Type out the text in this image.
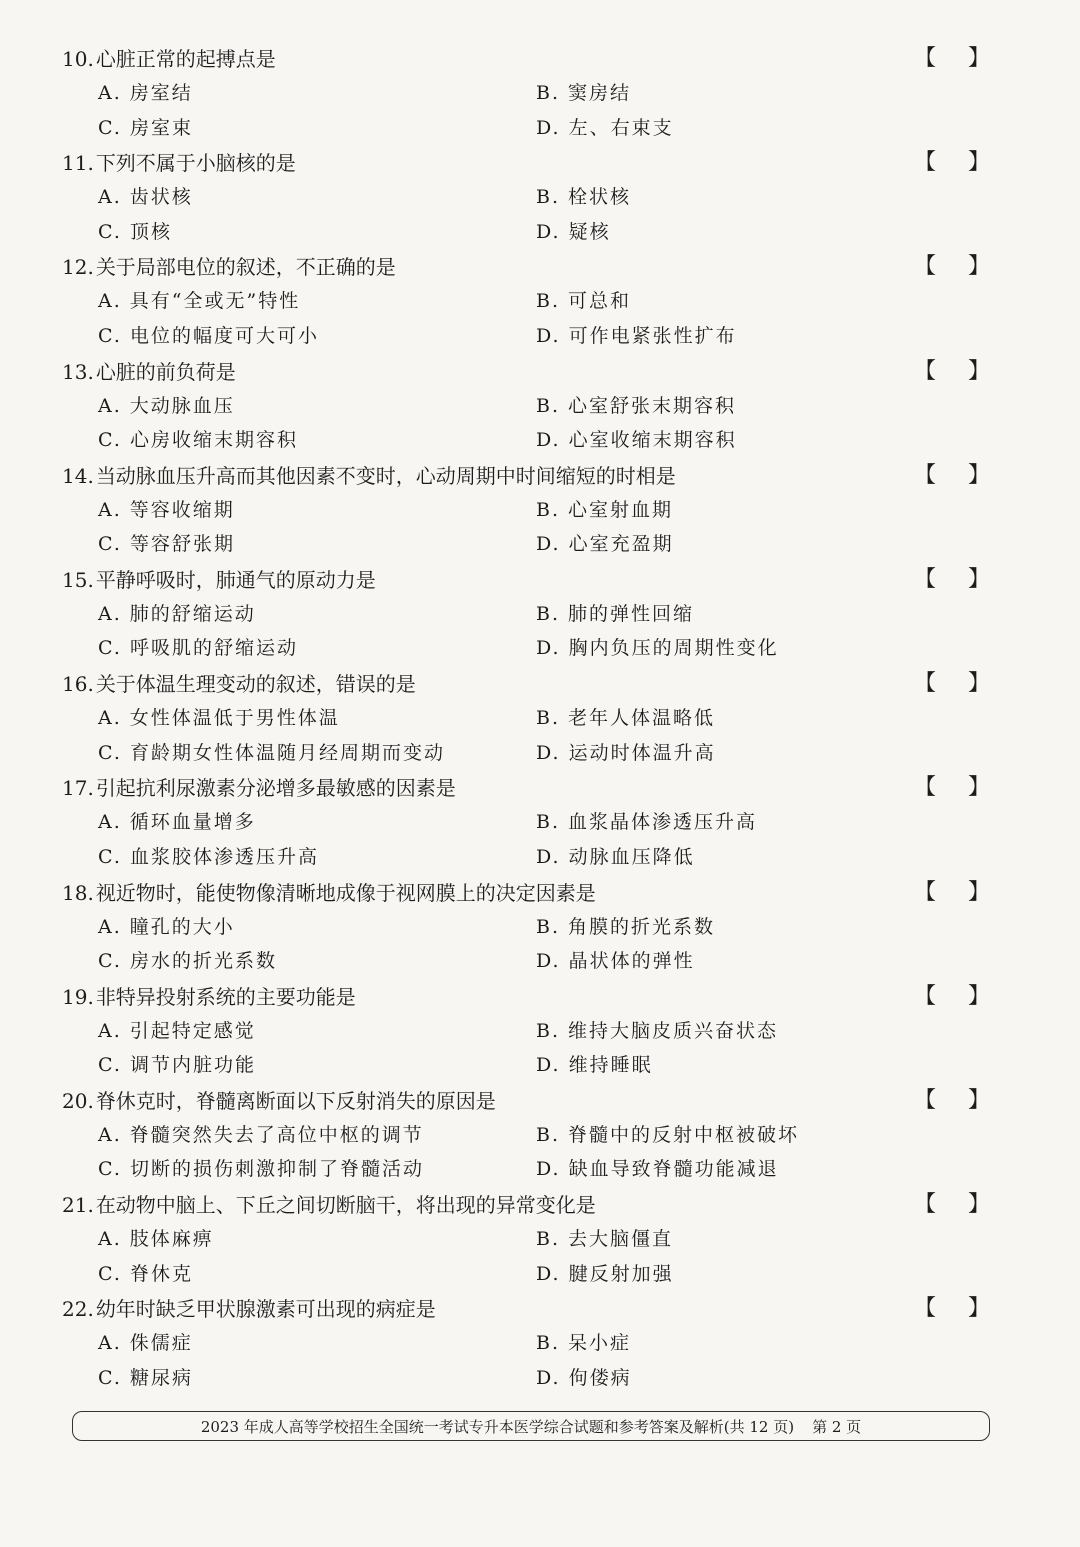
10. 心脏正常的起搏点是	【 】
A. 房室结	B. 窦房结
C. 房室束	D. 左、右束支
11. 下列不属于小脑核的是	【 】
A. 齿状核	B. 栓状核
C. 顶核	D. 疑核
12. 关于局部电位的叙述，不正确的是	【 】
A. 具有“全或无”特性	B. 可总和
C. 电位的幅度可大可小	D. 可作电紧张性扩布
13. 心脏的前负荷是	【 】
A. 大动脉血压	B. 心室舒张末期容积
C. 心房收缩末期容积	D. 心室收缩末期容积
14. 当动脉血压升高而其他因素不变时，心动周期中时间缩短的时相是	【 】
A. 等容收缩期	B. 心室射血期
C. 等容舒张期	D. 心室充盈期
15. 平静呼吸时，肺通气的原动力是	【 】
A. 肺的舒缩运动	B. 肺的弹性回缩
C. 呼吸肌的舒缩运动	D. 胸内负压的周期性变化
16. 关于体温生理变动的叙述，错误的是	【 】
A. 女性体温低于男性体温	B. 老年人体温略低
C. 育龄期女性体温随月经周期而变动	D. 运动时体温升高
17. 引起抗利尿激素分泌增多最敏感的因素是	【 】
A. 循环血量增多	B. 血浆晶体渗透压升高
C. 血浆胶体渗透压升高	D. 动脉血压降低
18. 视近物时，能使物像清晰地成像于视网膜上的决定因素是	【 】
A. 瞳孔的大小	B. 角膜的折光系数
C. 房水的折光系数	D. 晶状体的弹性
19. 非特异投射系统的主要功能是	【 】
A. 引起特定感觉	B. 维持大脑皮质兴奋状态
C. 调节内脏功能	D. 维持睡眠
20. 脊休克时，脊髓离断面以下反射消失的原因是	【 】
A. 脊髓突然失去了高位中枢的调节	B. 脊髓中的反射中枢被破坏
C. 切断的损伤刺激抑制了脊髓活动	D. 缺血导致脊髓功能减退
21. 在动物中脑上、下丘之间切断脑干，将出现的异常变化是	【 】
A. 肢体麻痹	B. 去大脑僵直
C. 脊休克	D. 腱反射加强
22. 幼年时缺乏甲状腺激素可出现的病症是	【 】
A. 侏儒症	B. 呆小症
C. 糖尿病	D. 佝偻病
2023 年成人高等学校招生全国统一考试专升本医学综合试题和参考答案及解析(共 12 页) 第 2 页
